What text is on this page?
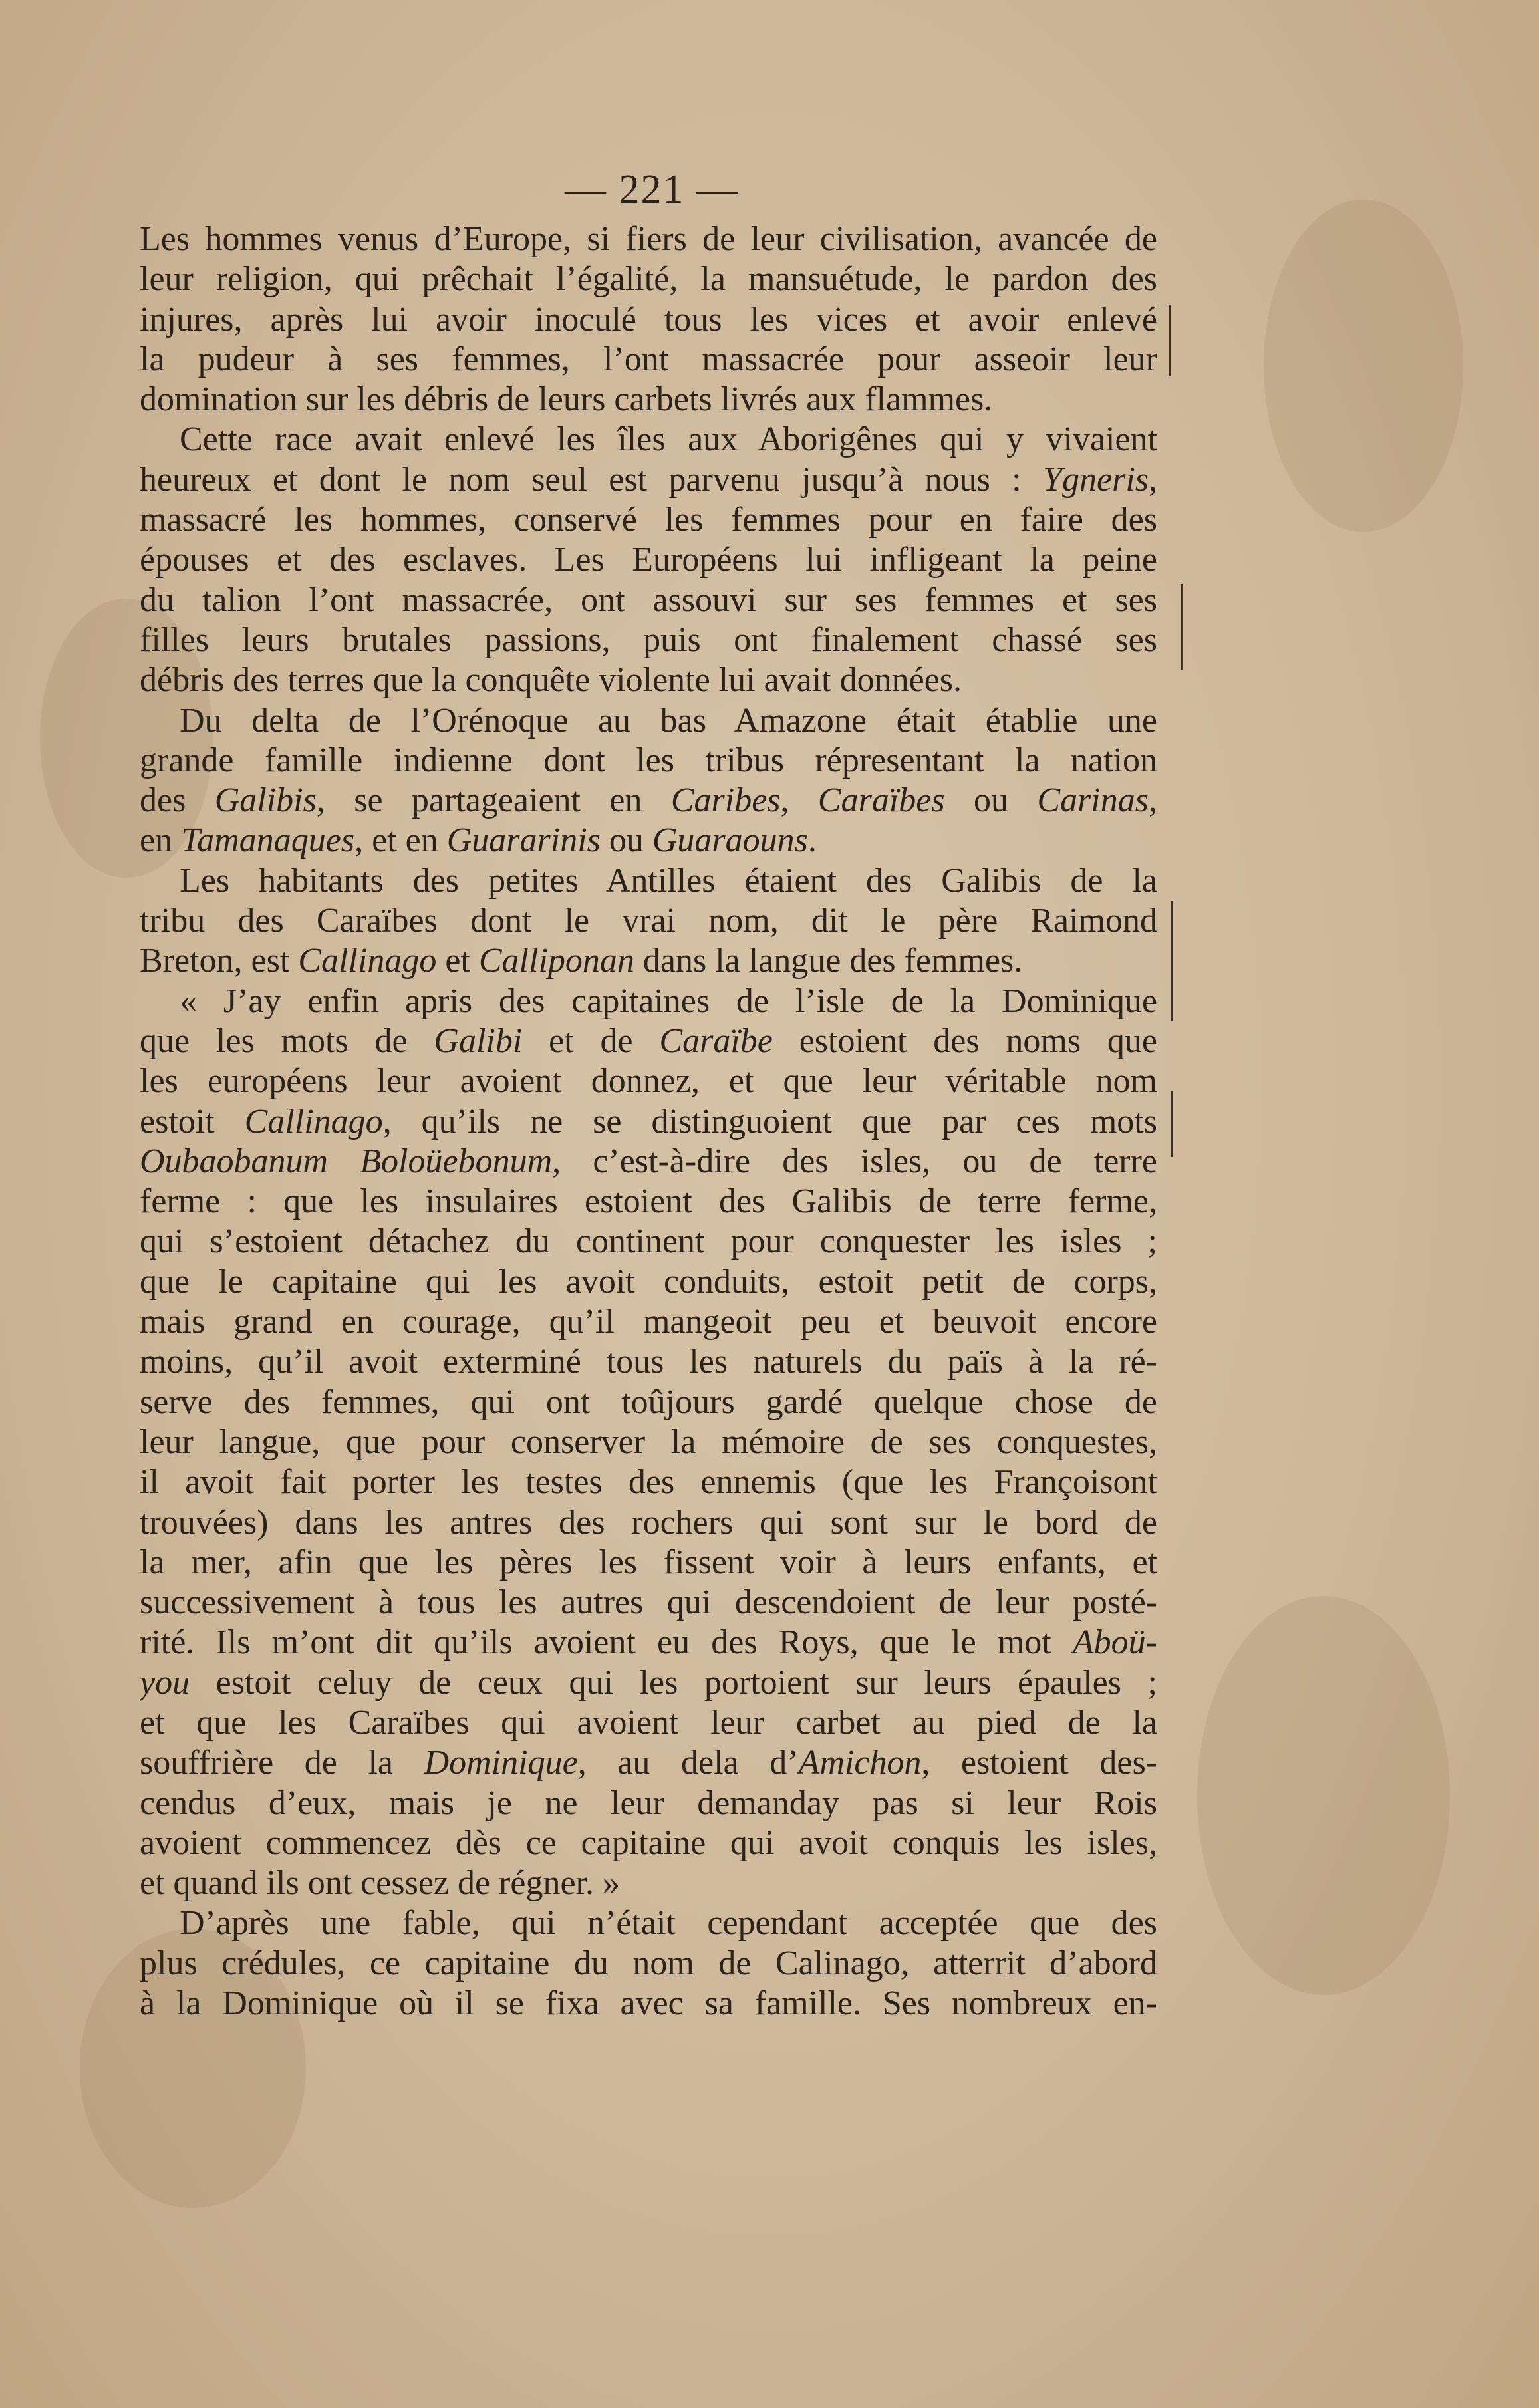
— 221 —
Les hommes venus d’Europe, si fiers de leur civilisation, avancée de
leur religion, qui prêchait l’égalité, la mansuétude, le pardon des
injures, après lui avoir inoculé tous les vices et avoir enlevé
la pudeur à ses femmes, l’ont massacrée pour asseoir leur
domination sur les débris de leurs carbets livrés aux flammes.
Cette race avait enlevé les îles aux Aborigênes qui y vivaient
heureux et dont le nom seul est parvenu jusqu’à nous : Ygneris,
massacré les hommes, conservé les femmes pour en faire des
épouses et des esclaves. Les Européens lui infligeant la peine
du talion l’ont massacrée, ont assouvi sur ses femmes et ses
filles leurs brutales passions, puis ont finalement chassé ses
débris des terres que la conquête violente lui avait données.
Du delta de l’Orénoque au bas Amazone était établie une
grande famille indienne dont les tribus répresentant la nation
des Galibis, se partageaient en Caribes, Caraïbes ou Carinas,
en Tamanaques, et en Guararinis ou Guaraouns.
Les habitants des petites Antilles étaient des Galibis de la
tribu des Caraïbes dont le vrai nom, dit le père Raimond
Breton, est Callinago et Calliponan dans la langue des femmes.
« J’ay enfin apris des capitaines de l’isle de la Dominique
que les mots de Galibi et de Caraïbe estoient des noms que
les européens leur avoient donnez, et que leur véritable nom
estoit Callinago, qu’ils ne se distinguoient que par ces mots
Oubaobanum Boloüebonum, c’est-à-dire des isles, ou de terre
ferme : que les insulaires estoient des Galibis de terre ferme,
qui s’estoient détachez du continent pour conquester les isles ;
que le capitaine qui les avoit conduits, estoit petit de corps,
mais grand en courage, qu’il mangeoit peu et beuvoit encore
moins, qu’il avoit exterminé tous les naturels du païs à la ré-
serve des femmes, qui ont toûjours gardé quelque chose de
leur langue, que pour conserver la mémoire de ses conquestes,
il avoit fait porter les testes des ennemis (que les Françoisont
trouvées) dans les antres des rochers qui sont sur le bord de
la mer, afin que les pères les fissent voir à leurs enfants, et
successivement à tous les autres qui descendoient de leur posté-
rité. Ils m’ont dit qu’ils avoient eu des Roys, que le mot Aboü-
you estoit celuy de ceux qui les portoient sur leurs épaules ;
et que les Caraïbes qui avoient leur carbet au pied de la
souffrière de la Dominique, au dela d’Amichon, estoient des-
cendus d’eux, mais je ne leur demanday pas si leur Rois
avoient commencez dès ce capitaine qui avoit conquis les isles,
et quand ils ont cessez de régner. »
D’après une fable, qui n’était cependant acceptée que des
plus crédules, ce capitaine du nom de Calinago, atterrit d’abord
à la Dominique où il se fixa avec sa famille. Ses nombreux en-
